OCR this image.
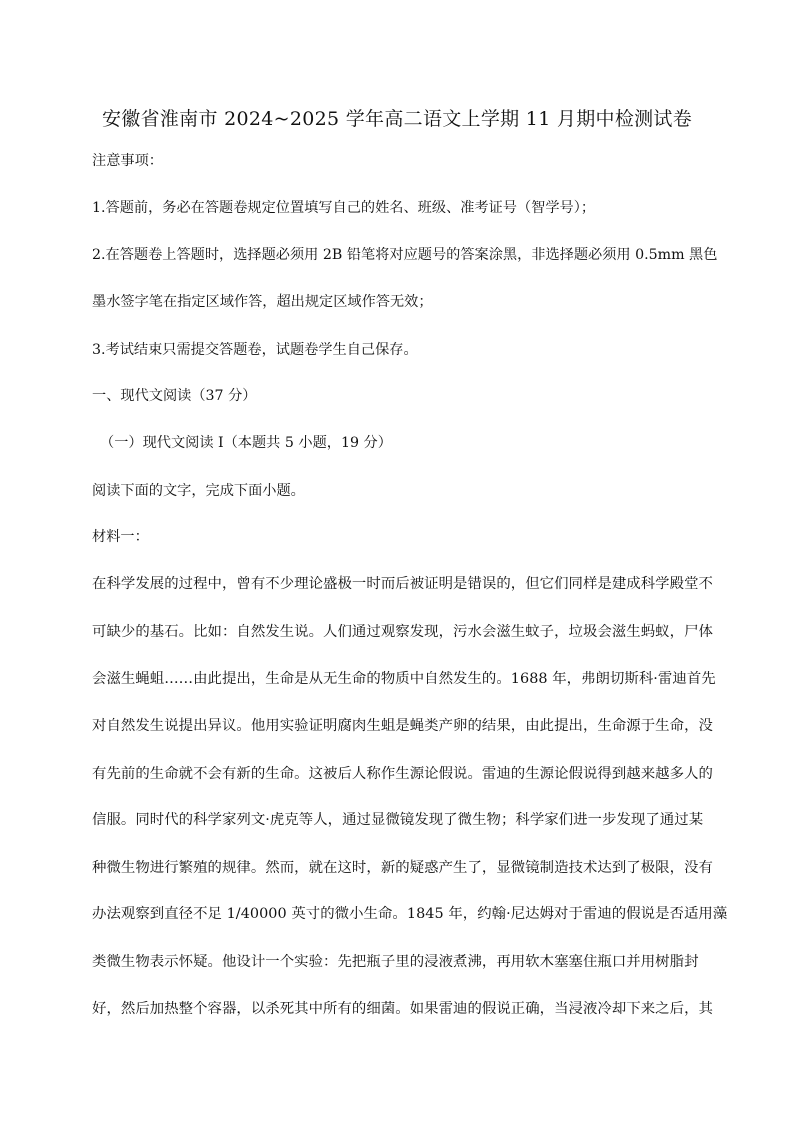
安徽省淮南市 2024~2025 学年高二语文上学期 11 月期中检测试卷
注意事项：
1.答题前，务必在答题卷规定位置填写自己的姓名、班级、准考证号（智学号）；
2.在答题卷上答题时，选择题必须用 2B 铅笔将对应题号的答案涂黑，非选择题必须用 0.5mm 黑色
墨水签字笔在指定区域作答，超出规定区域作答无效；
3.考试结束只需提交答题卷，试题卷学生自己保存。
一、现代文阅读（37 分）
（一）现代文阅读 I（本题共 5 小题，19 分）
阅读下面的文字，完成下面小题。
材料一：
在科学发展的过程中，曾有不少理论盛极一时而后被证明是错误的，但它们同样是建成科学殿堂不
可缺少的基石。比如：自然发生说。人们通过观察发现，污水会滋生蚊子，垃圾会滋生蚂蚁，尸体
会滋生蝇蛆……由此提出，生命是从无生命的物质中自然发生的。1688 年，弗朗切斯科·雷迪首先
对自然发生说提出异议。他用实验证明腐肉生蛆是蝇类产卵的结果，由此提出，生命源于生命，没
有先前的生命就不会有新的生命。这被后人称作生源论假说。雷迪的生源论假说得到越来越多人的
信服。同时代的科学家列文·虎克等人，通过显微镜发现了微生物；科学家们进一步发现了通过某
种微生物进行繁殖的规律。然而，就在这时，新的疑惑产生了，显微镜制造技术达到了极限，没有
办法观察到直径不足 1/40000 英寸的微小生命。1845 年，约翰·尼达姆对于雷迪的假说是否适用藻
类微生物表示怀疑。他设计一个实验：先把瓶子里的浸液煮沸，再用软木塞塞住瓶口并用树脂封
好，然后加热整个容器，以杀死其中所有的细菌。如果雷迪的假说正确，当浸液冷却下来之后，其
